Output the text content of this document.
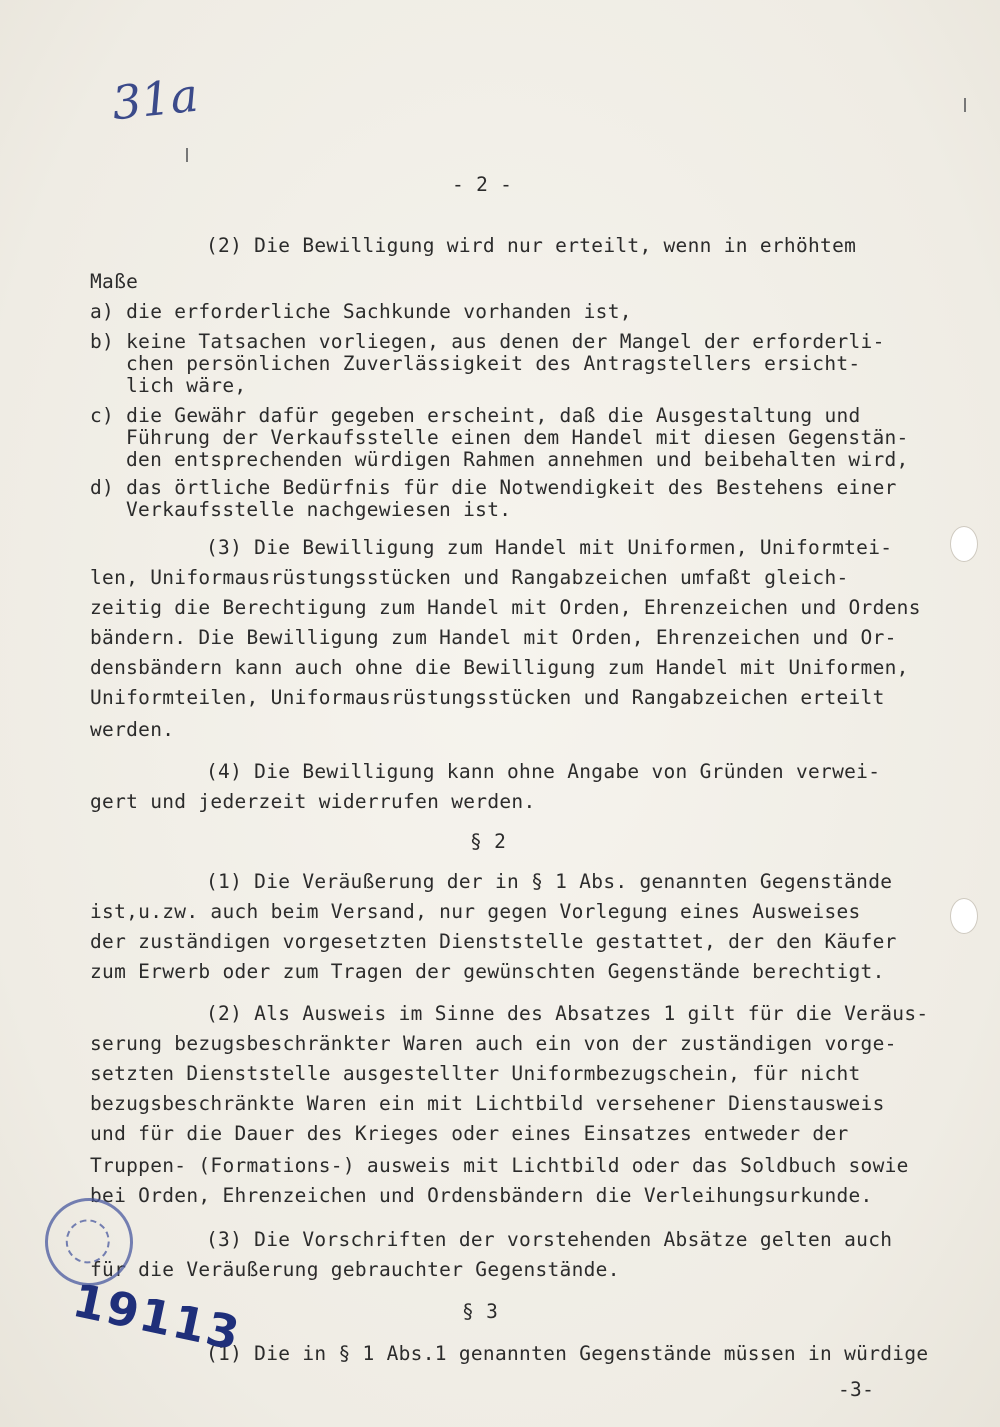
31a
- 2 -
(2) Die Bewilligung wird nur erteilt, wenn in erhöhtem
Maße
a) die erforderliche Sachkunde vorhanden ist,
b) keine Tatsachen vorliegen, aus denen der Mangel der erforderli-
chen persönlichen Zuverlässigkeit des Antragstellers ersicht-
lich wäre,
c) die Gewähr dafür gegeben erscheint, daß die Ausgestaltung und
Führung der Verkaufsstelle einen dem Handel mit diesen Gegenstän-
den entsprechenden würdigen Rahmen annehmen und beibehalten wird,
d) das örtliche Bedürfnis für die Notwendigkeit des Bestehens einer
Verkaufsstelle nachgewiesen ist.
(3) Die Bewilligung zum Handel mit Uniformen, Uniformtei-
len, Uniformausrüstungsstücken und Rangabzeichen umfaßt gleich-
zeitig die Berechtigung zum Handel mit Orden, Ehrenzeichen und Ordens
bändern. Die Bewilligung zum Handel mit Orden, Ehrenzeichen und Or-
densbändern kann auch ohne die Bewilligung zum Handel mit Uniformen,
Uniformteilen, Uniformausrüstungsstücken und Rangabzeichen erteilt
werden.
(4) Die Bewilligung kann ohne Angabe von Gründen verwei-
gert und jederzeit widerrufen werden.
§ 2
(1) Die Veräußerung der in § 1 Abs. genannten Gegenstände
ist,u.zw. auch beim Versand, nur gegen Vorlegung eines Ausweises
der zuständigen vorgesetzten Dienststelle gestattet, der den Käufer
zum Erwerb oder zum Tragen der gewünschten Gegenstände berechtigt.
(2) Als Ausweis im Sinne des Absatzes 1 gilt für die Veräus-
serung bezugsbeschränkter Waren auch ein von der zuständigen vorge-
setzten Dienststelle ausgestellter Uniformbezugschein, für nicht
bezugsbeschränkte Waren ein mit Lichtbild versehener Dienstausweis
und für die Dauer des Krieges oder eines Einsatzes entweder der
Truppen- (Formations-) ausweis mit Lichtbild oder das Soldbuch sowie
bei Orden, Ehrenzeichen und Ordensbändern die Verleihungsurkunde.
(3) Die Vorschriften der vorstehenden Absätze gelten auch
für die Veräußerung gebrauchter Gegenstände.
§ 3
(1) Die in § 1 Abs.1 genannten Gegenstände müssen in würdige
-3-
19113
